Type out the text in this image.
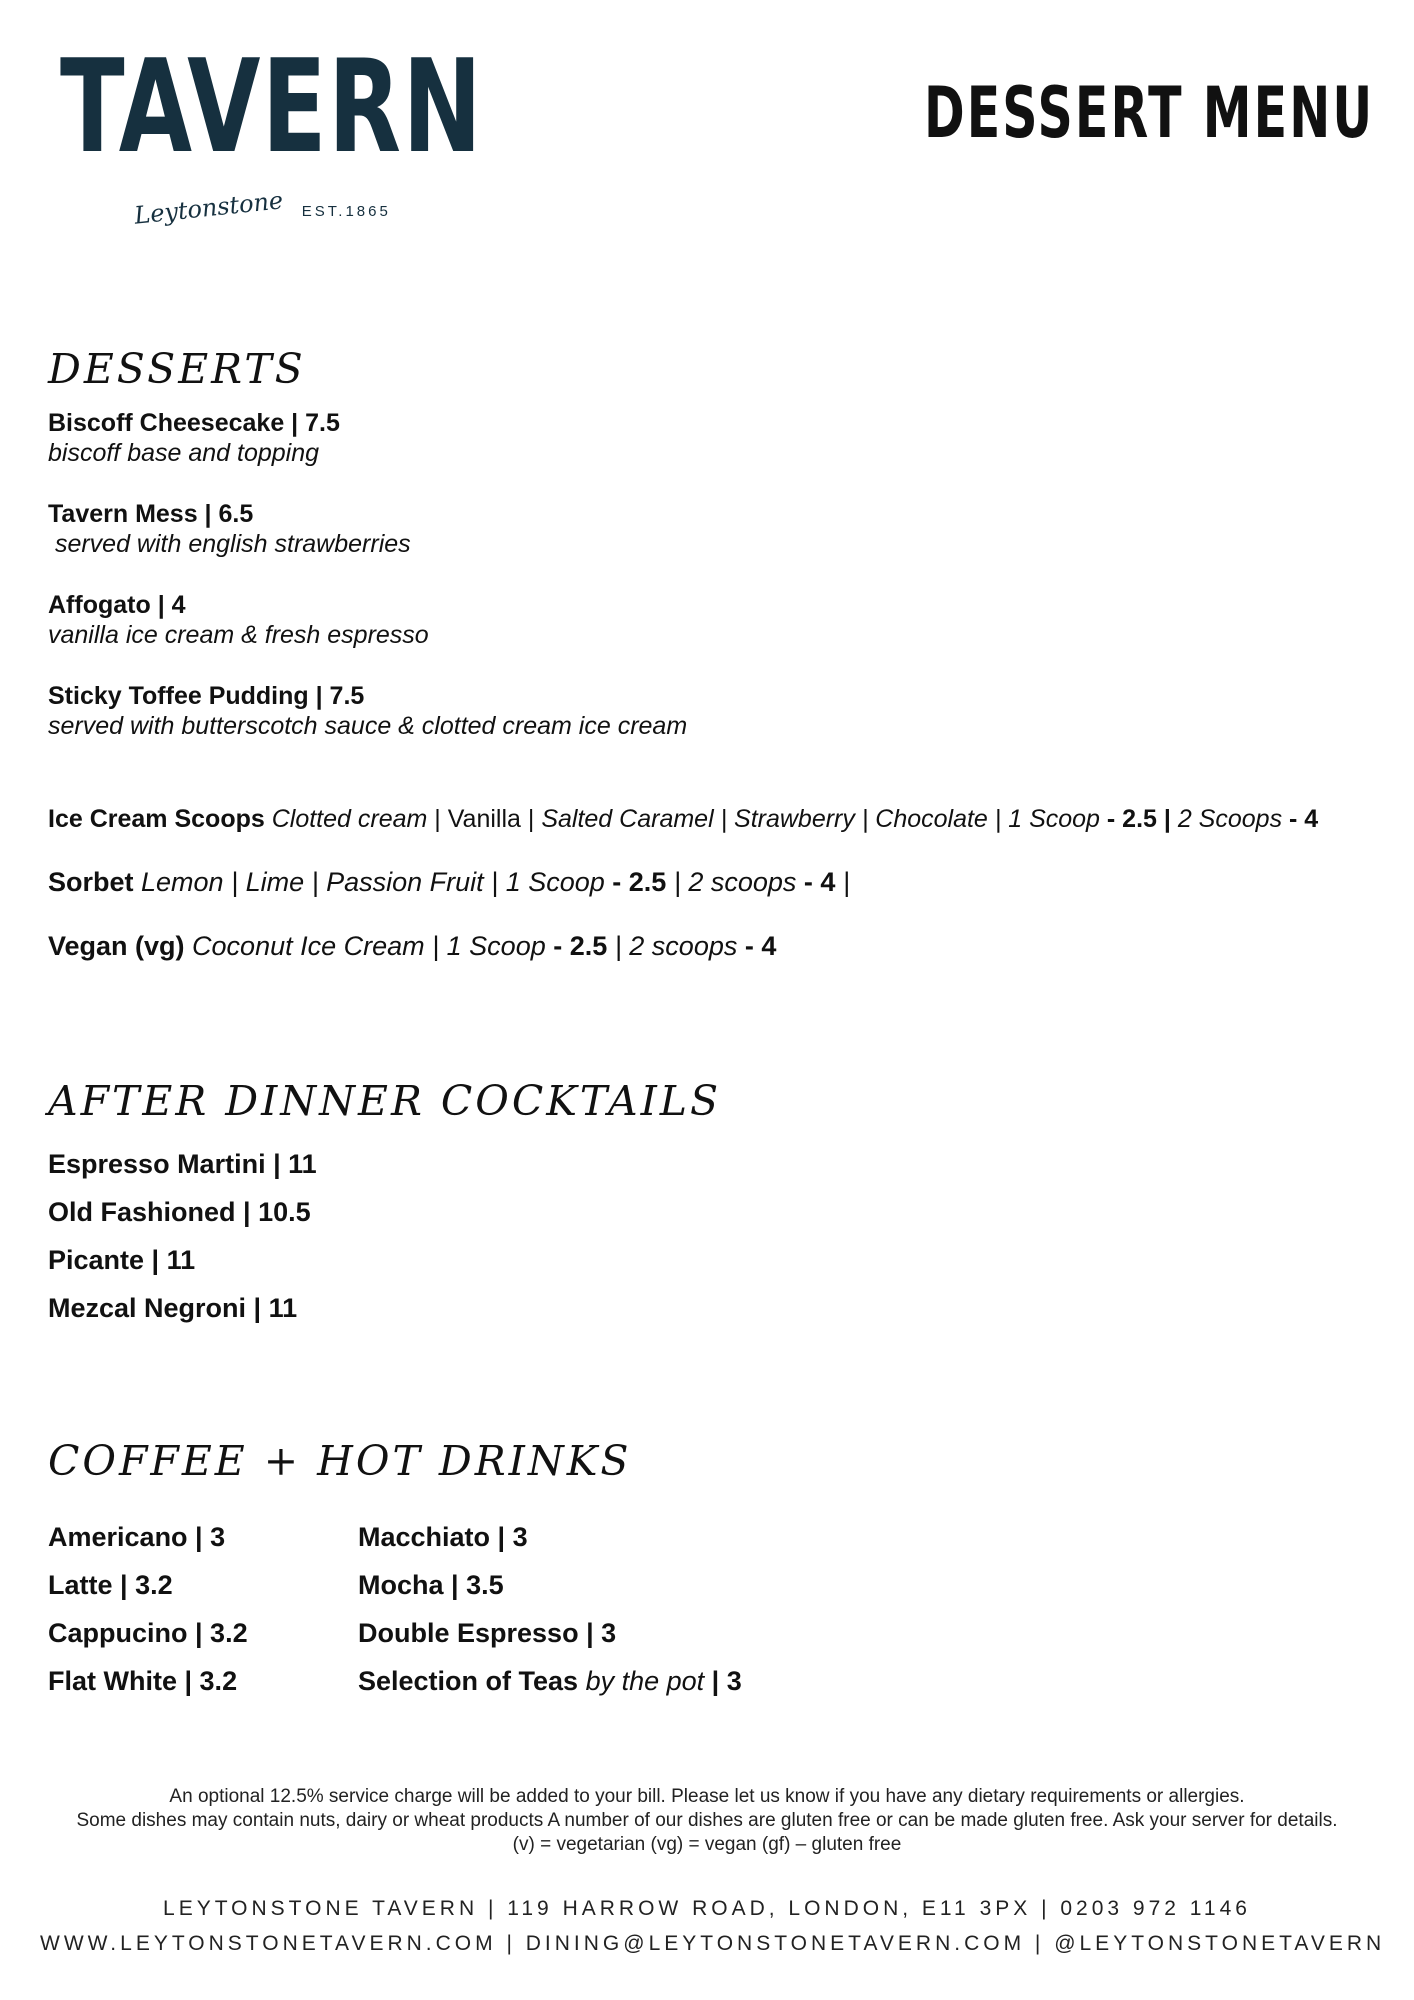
TAVERN
Leytonstone EST.1865
DESSERT MENU
DESSERTS
Biscoff Cheesecake | 7.5
biscoff base and topping
Tavern Mess | 6.5
served with english strawberries
Affogato | 4
vanilla ice cream & fresh espresso
Sticky Toffee Pudding | 7.5
served with butterscotch sauce & clotted cream ice cream
Ice Cream Scoops Clotted cream | Vanilla | Salted Caramel | Strawberry | Chocolate | 1 Scoop - 2.5 | 2 Scoops - 4
Sorbet Lemon | Lime | Passion Fruit | 1 Scoop - 2.5 | 2 scoops - 4 |
Vegan (vg) Coconut Ice Cream | 1 Scoop - 2.5 | 2 scoops - 4
AFTER DINNER COCKTAILS
Espresso Martini | 11
Old Fashioned | 10.5
Picante | 11
Mezcal Negroni | 11
COFFEE + HOT DRINKS
Americano | 3
Latte | 3.2
Cappucino | 3.2
Flat White | 3.2
Macchiato | 3
Mocha | 3.5
Double Espresso | 3
Selection of Teas by the pot | 3
An optional 12.5% service charge will be added to your bill. Please let us know if you have any dietary requirements or allergies.
Some dishes may contain nuts, dairy or wheat products A number of our dishes are gluten free or can be made gluten free. Ask your server for details.
(v) = vegetarian (vg) = vegan (gf) – gluten free
LEYTONSTONE TAVERN | 119 HARROW ROAD, LONDON, E11 3PX | 0203 972 1146
WWW.LEYTONSTONETAVERN.COM | DINING@LEYTONSTONETAVERN.COM | @LEYTONSTONETAVERN
